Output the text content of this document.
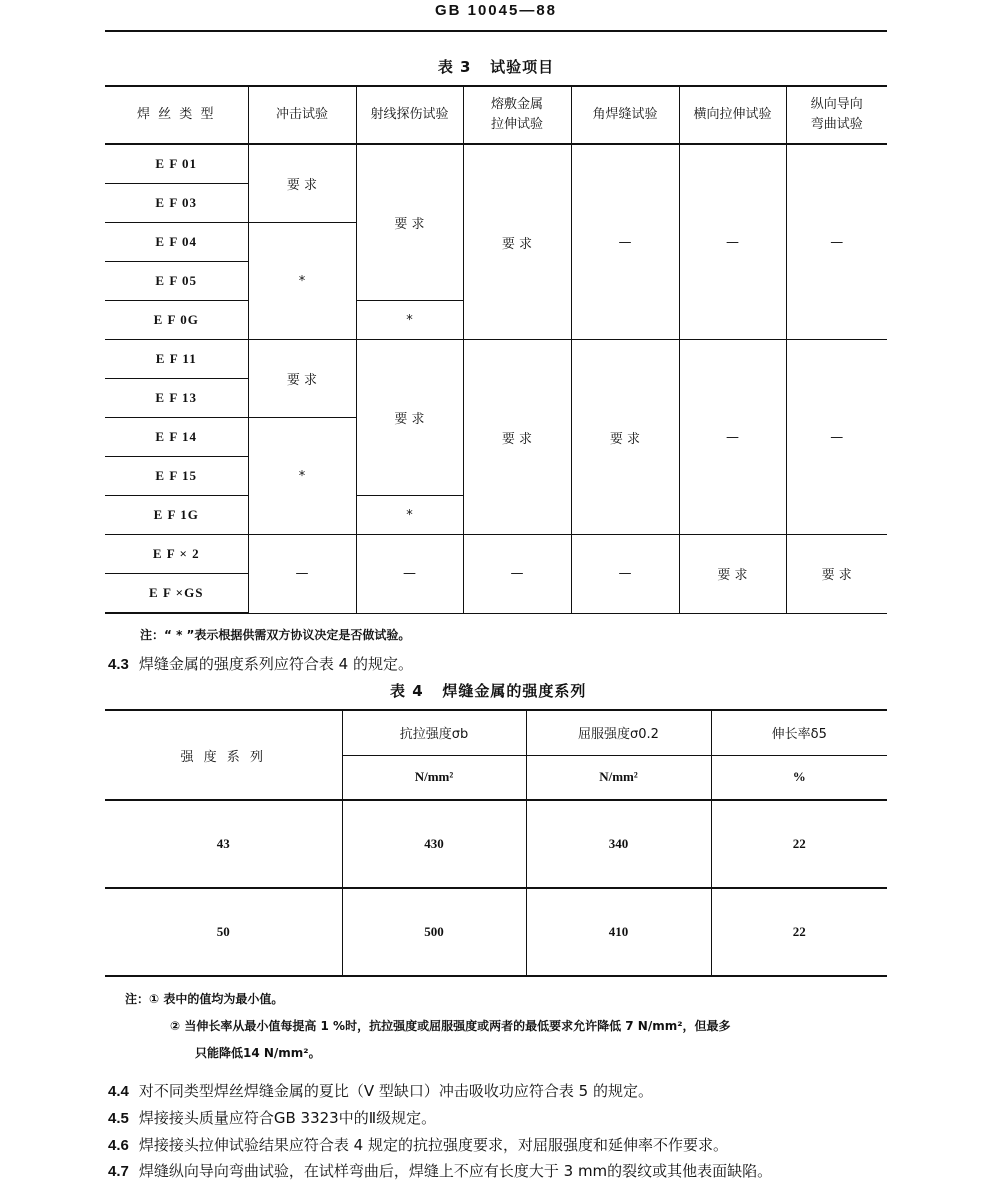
GB 10045—88
表 3   试验项目
焊 丝 类 型	冲击试验	射线探伤试验	熔敷金属
拉伸试验	角焊缝试验	横向拉伸试验	纵向导向
弯曲试验
E F 01	要 求	要 求	要 求	—	—	—
E F 03						
E F 04	*					
E F 05						
E F 0G		*				
E F 11	要 求	要 求	要 求	要 求	—	—
E F 13						
E F 14	*					
E F 15						
E F 1G		*				
E F × 2	—	—	—	—	要 求	要 求
E F ×GS						
注：“ * ”表示根据供需双方协议决定是否做试验。
4.3 焊缝金属的强度系列应符合表 4 的规定。
表 4   焊缝金属的强度系列
强 度 系 列	抗拉强度σb	屈服强度σ0.2	伸长率δ5
	N/mm²	N/mm²	%
43	430	340	22
50	500	410	22
注：① 表中的值均为最小值。
② 当伸长率从最小值每提高 1 %时，抗拉强度或屈服强度或两者的最低要求允许降低 7 N/mm²，但最多
只能降低14 N/mm²。
4.4 对不同类型焊丝焊缝金属的夏比（V 型缺口）冲击吸收功应符合表 5 的规定。
4.5 焊接接头质量应符合GB 3323中的Ⅱ级规定。
4.6 焊接接头拉伸试验结果应符合表 4 规定的抗拉强度要求，对屈服强度和延伸率不作要求。
4.7 焊缝纵向导向弯曲试验，在试样弯曲后，焊缝上不应有长度大于 3 mm的裂纹或其他表面缺陷。
